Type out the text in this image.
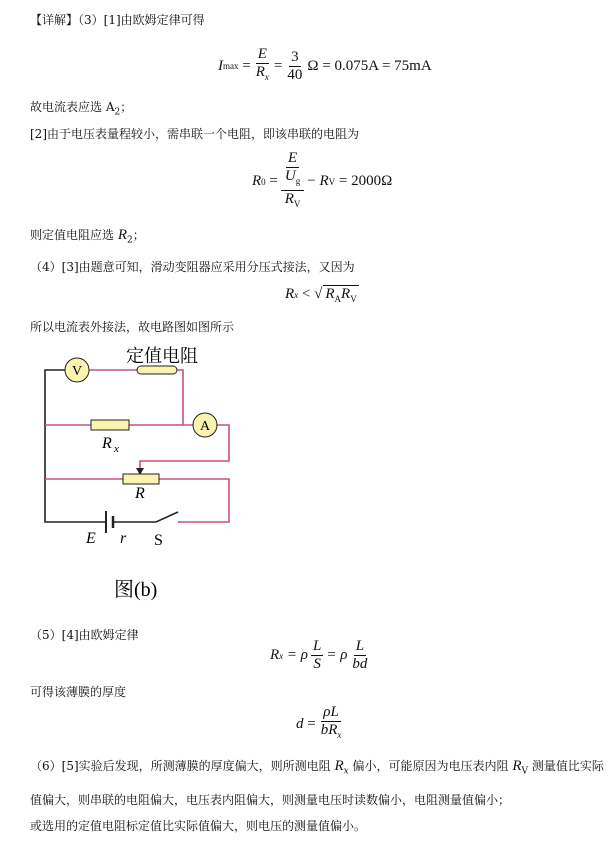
【详解】（3）[1]由欧姆定律可得
I $\max = \frac{E}{R_x} = \frac{3}{40}$ Ω = 0.075A = 75mA
故电流表应选 $A_2$；
[2]由于电压表量程较小，需串联一个电阻，即该串联的电阻为
R $0 = \frac{\frac{E}{U_g}}{R_V}$ −
R V
= 2000Ω
则定值电阻应选 $R_2$；
（4）[3]由题意可知，滑动变阻器应采用分压式接法，又因为
R x
< √ $R_AR_V$
所以电流表外接法，故电路图如图所示
定值电阻
V
A
R x
R
E r S
图(b)
（5）[4]由欧姆定律
R x
= ρ $\frac{L}{S} = \rho \frac{L}{bd}$
可得该薄膜的厚度
d
= $\frac{\rho L}{bR_x}$
（6）[5]实验后发现，所测薄膜的厚度偏大，则所测电阻 $R_x$ 偏小，可能原因为电压表内阻 $R_V$ 测量值比实际
值偏大，则串联的电阻偏大，电压表内阻偏大，则测量电压时读数偏小，电阻测量值偏小；
或选用的定值电阻标定值比实际值偏大，则电压的测量值偏小。
